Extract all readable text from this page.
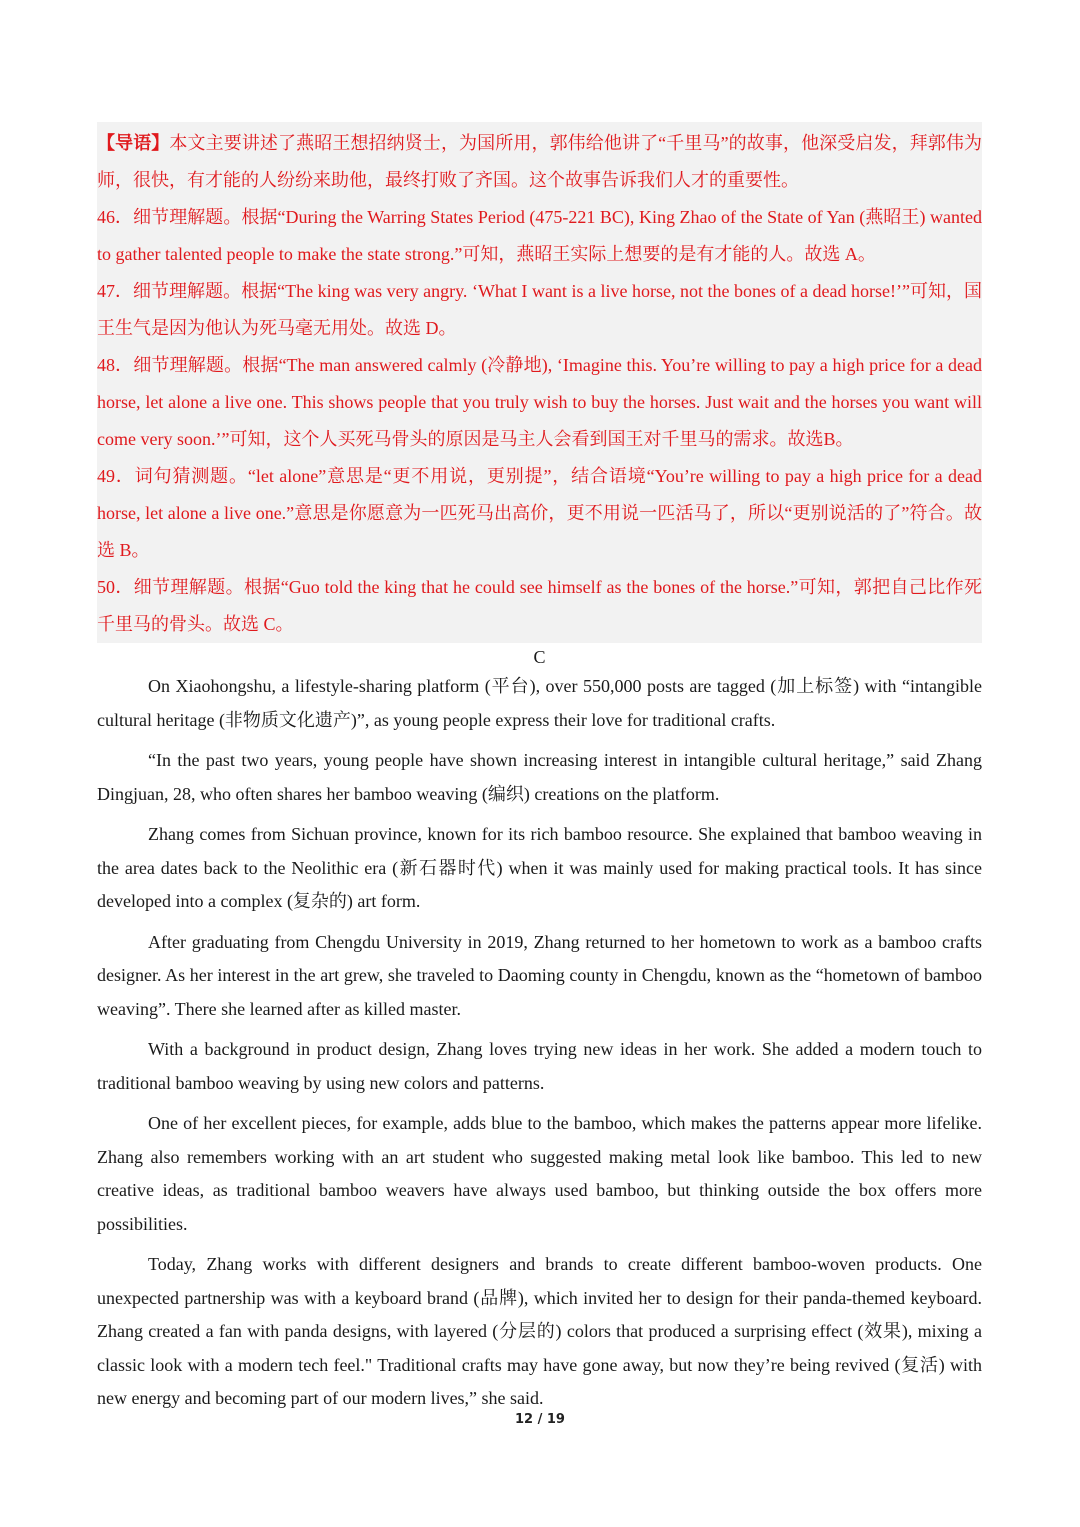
【导语】本文主要讲述了燕昭王想招纳贤士，为国所用，郭伟给他讲了“千里马”的故事，他深受启发，拜郭伟为师，很快，有才能的人纷纷来助他，最终打败了齐国。这个故事告诉我们人才的重要性。

46．细节理解题。根据“During the Warring States Period (475-221 BC), King Zhao of the State of Yan (燕昭王) wanted to gather talented people to make the state strong.”可知，燕昭王实际上想要的是有才能的人。故选 A。

47．细节理解题。根据“The king was very angry. ‘What I want is a live horse, not the bones of a dead horse!’”可知，国王生气是因为他认为死马毫无用处。故选 D。

48．细节理解题。根据“The man answered calmly (冷静地), ‘Imagine this. You’re willing to pay a high price for a dead horse, let alone a live one. This shows people that you truly wish to buy the horses. Just wait and the horses you want will come very soon.’”可知，这个人买死马骨头的原因是马主人会看到国王对千里马的需求。故选B。

49．词句猜测题。“let alone”意思是“更不用说，更别提”，结合语境“You’re willing to pay a high price for a dead horse, let alone a live one.”意思是你愿意为一匹死马出高价，更不用说一匹活马了，所以“更别说活的了”符合。故选 B。

50．细节理解题。根据“Guo told the king that he could see himself as the bones of the horse.”可知，郭把自己比作死千里马的骨头。故选 C。

C

On Xiaohongshu, a lifestyle-sharing platform (平台), over 550,000 posts are tagged (加上标签) with “intangible cultural heritage (非物质文化遗产)”, as young people express their love for traditional crafts.

“In the past two years, young people have shown increasing interest in intangible cultural heritage,” said Zhang Dingjuan, 28, who often shares her bamboo weaving (编织) creations on the platform.

Zhang comes from Sichuan province, known for its rich bamboo resource. She explained that bamboo weaving in the area dates back to the Neolithic era (新石器时代) when it was mainly used for making practical tools. It has since developed into a complex (复杂的) art form.

After graduating from Chengdu University in 2019, Zhang returned to her hometown to work as a bamboo crafts designer. As her interest in the art grew, she traveled to Daoming county in Chengdu, known as the “hometown of bamboo weaving”. There she learned after as killed master.

With a background in product design, Zhang loves trying new ideas in her work. She added a modern touch to traditional bamboo weaving by using new colors and patterns.

One of her excellent pieces, for example, adds blue to the bamboo, which makes the patterns appear more lifelike. Zhang also remembers working with an art student who suggested making metal look like bamboo. This led to new creative ideas, as traditional bamboo weavers have always used bamboo, but thinking outside the box offers more possibilities.

Today, Zhang works with different designers and brands to create different bamboo-woven products. One unexpected partnership was with a keyboard brand (品牌), which invited her to design for their panda-themed keyboard. Zhang created a fan with panda designs, with layered (分层的) colors that produced a surprising effect (效果), mixing a classic look with a modern tech feel." Traditional crafts may have gone away, but now they’re being revived (复活) with new energy and becoming part of our modern lives,” she said.

12 / 19
